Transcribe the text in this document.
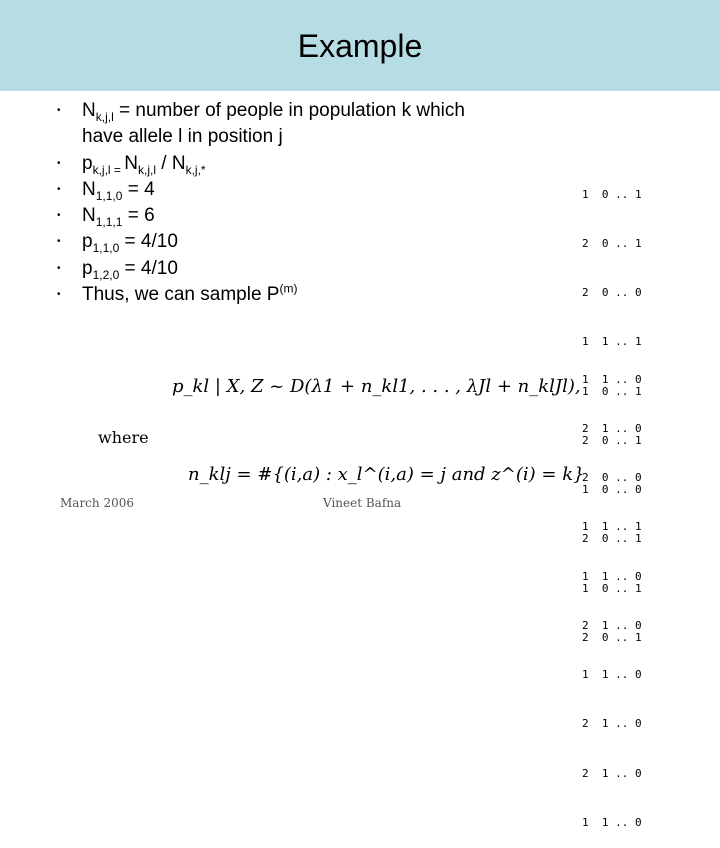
Example
• $N_{k,j,l}$ = number of people in population k which have allele l in position j
• $p_{k,j,l =}$ $N_{k,j,l} / N_{k,j,*}$
• $N_{1,1,0} = 4$
• $N_{1,1,1} = 6$
• $p_{1,1,0} = 4/10$
• $p_{1,2,0} = 4/10$
• Thus, we can sample $P^{(m)}$

1  0 .. 1

2  0 .. 1

2  0 .. 0

1  1 .. 1

1  0 .. 1

2  0 .. 1

1  0 .. 0

2  0 .. 1

1  0 .. 1

2  0 .. 1

1  1 .. 0

2  1 .. 0

2  0 .. 0

1  1 .. 1

1  1 .. 0

2  1 .. 0

1  1 .. 0

2  1 .. 0

2  1 .. 0

1  1 .. 0

p_kl | X, Z ~ D(λ1 + n_kl1, . . . , λJl + n_klJl),
where
n_klj = #{(i,a) : x_l^(i,a) = j and z^(i) = k}
March 2006	Vineet Bafna
